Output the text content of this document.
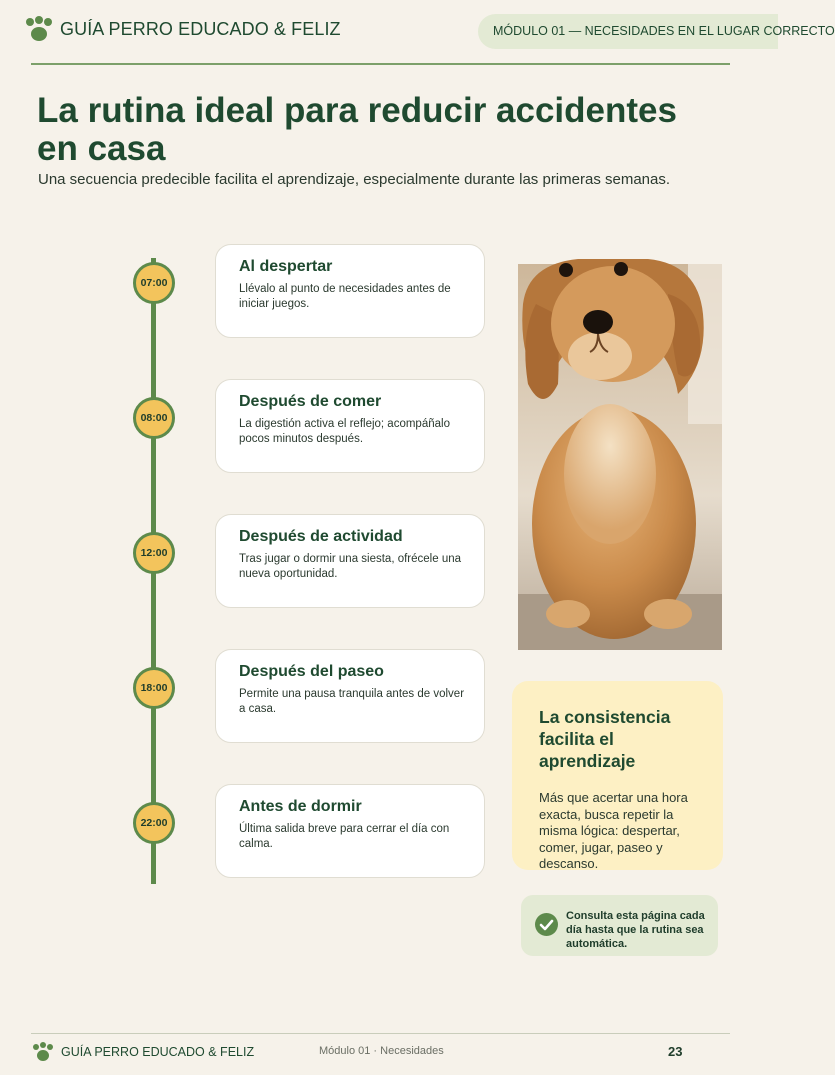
GUÍA PERRO EDUCADO & FELIZ	MÓDULO 01 — NECESIDADES EN EL LUGAR CORRECTO
La rutina ideal para reducir accidentes en casa

Una secuencia predecible facilita el aprendizaje, especialmente durante las primeras semanas.

07:00
Al despertar
Llévalo al punto de necesidades antes de iniciar juegos.
08:00
Después de comer
La digestión activa el reflejo; acompáñalo pocos minutos después.
12:00
Después de actividad
Tras jugar o dormir una siesta, ofrécele una nueva oportunidad.
18:00
Después del paseo
Permite una pausa tranquila antes de volver a casa.
22:00
Antes de dormir
Última salida breve para cerrar el día con calma.
La consistencia facilita el aprendizaje
Más que acertar una hora exacta, busca repetir la misma lógica: despertar, comer, jugar, paseo y descanso.
Consulta esta página cada día hasta que la rutina sea automática.
GUÍA PERRO EDUCADO & FELIZ	Módulo 01 · Necesidades	23
